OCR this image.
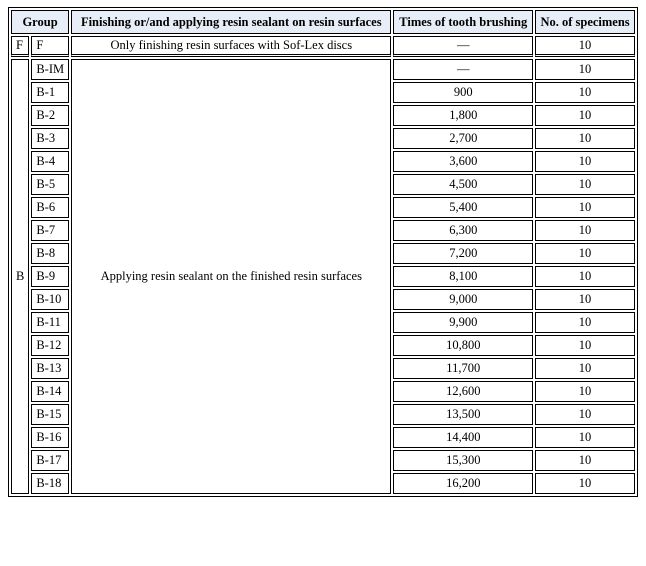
Group		Finishing or/and applying resin sealant on resin surfaces	Times of tooth brushing	No. of specimens
F	F	Only finishing resin surfaces with Sof-Lex discs	—	10
B	B-IM	Applying resin sealant on the finished resin surfaces	—	10
	B-1		900	10
	B-2		1,800	10
	B-3		2,700	10
	B-4		3,600	10
	B-5		4,500	10
	B-6		5,400	10
	B-7		6,300	10
	B-8		7,200	10
	B-9		8,100	10
	B-10		9,000	10
	B-11		9,900	10
	B-12		10,800	10
	B-13		11,700	10
	B-14		12,600	10
	B-15		13,500	10
	B-16		14,400	10
	B-17		15,300	10
	B-18		16,200	10
